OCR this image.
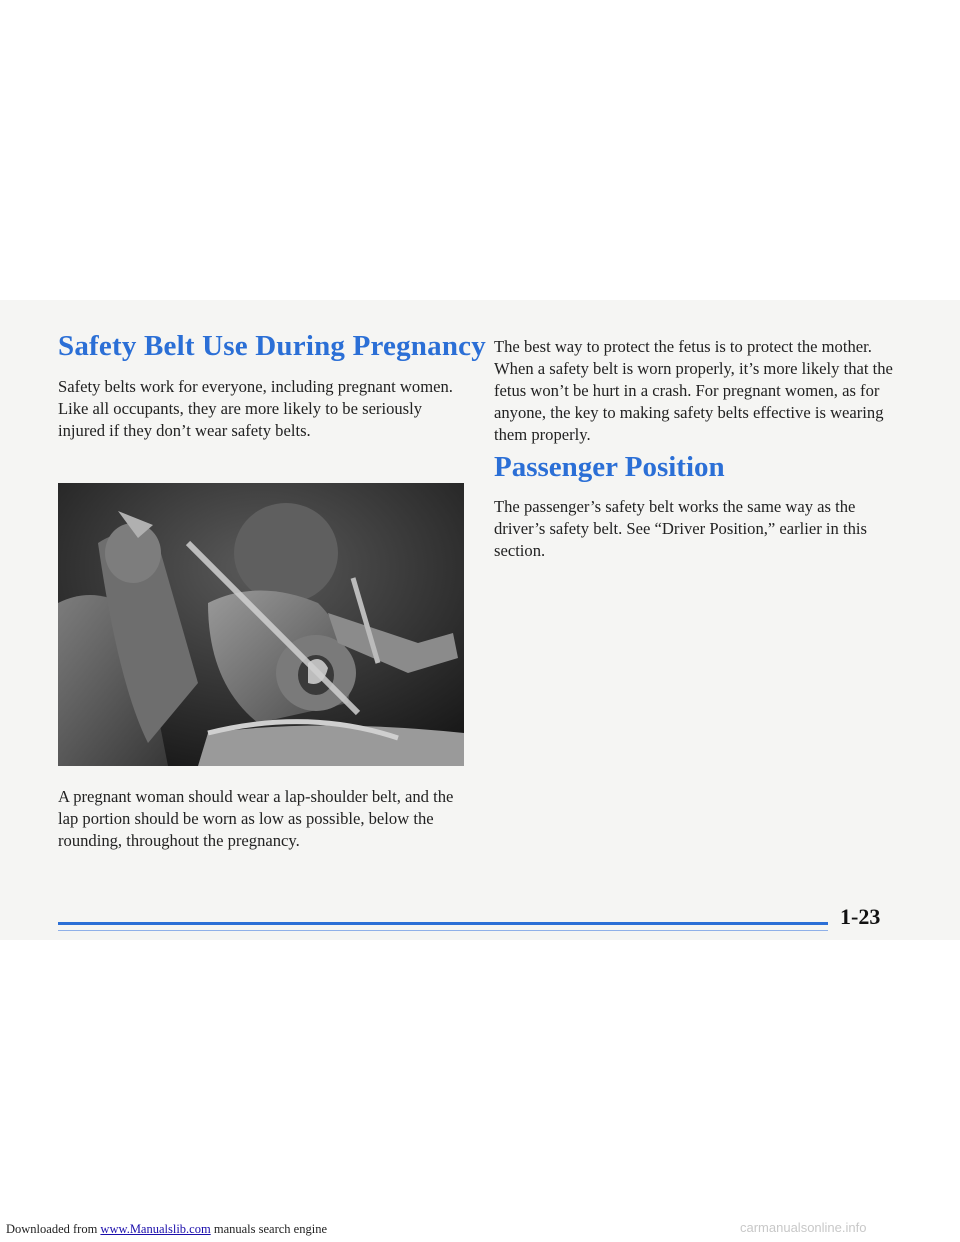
Safety Belt Use During Pregnancy

Safety belts work for everyone, including pregnant women. Like all occupants, they are more likely to be seriously injured if they don’t wear safety belts.

A pregnant woman should wear a lap-shoulder belt, and the lap portion should be worn as low as possible, below the rounding, throughout the pregnancy.

The best way to protect the fetus is to protect the mother. When a safety belt is worn properly, it’s more likely that the fetus won’t be hurt in a crash. For pregnant women, as for anyone, the key to making safety belts effective is wearing them properly.

Passenger Position

The passenger’s safety belt works the same way as the driver’s safety belt. See “Driver Position,” earlier in this section.

1-23

Downloaded from www.Manualslib.com manuals search engine	carmanualsonline.info
